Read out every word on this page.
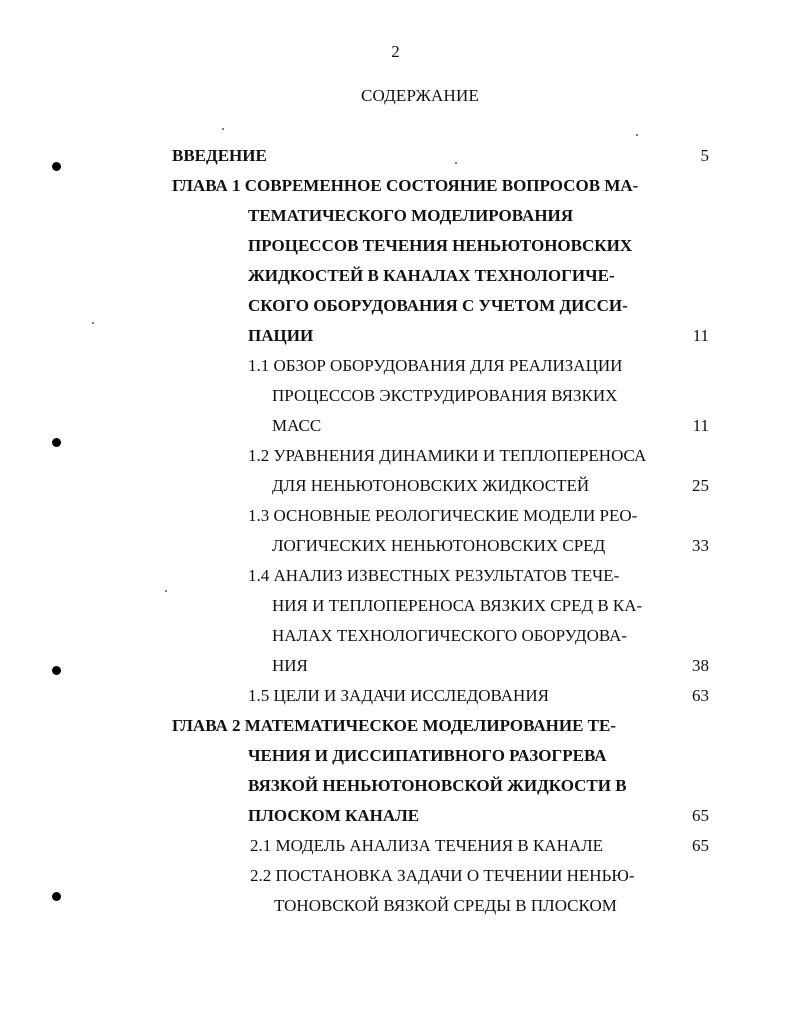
2
СОДЕРЖАНИЕ
ВВЕДЕНИЕ	5
ГЛАВА 1 СОВРЕМЕННОЕ СОСТОЯНИЕ ВОПРОСОВ МА-
ТЕМАТИЧЕСКОГО МОДЕЛИРОВАНИЯ
ПРОЦЕССОВ ТЕЧЕНИЯ НЕНЬЮТОНОВСКИХ
ЖИДКОСТЕЙ В КАНАЛАХ ТЕХНОЛОГИЧЕ-
СКОГО ОБОРУДОВАНИЯ С УЧЕТОМ ДИССИ-
ПАЦИИ	11
1.1 ОБЗОР ОБОРУДОВАНИЯ ДЛЯ РЕАЛИЗАЦИИ
ПРОЦЕССОВ ЭКСТРУДИРОВАНИЯ ВЯЗКИХ
МАСС	11
1.2 УРАВНЕНИЯ ДИНАМИКИ И ТЕПЛОПЕРЕНОСА
ДЛЯ НЕНЬЮТОНОВСКИХ ЖИДКОСТЕЙ	25
1.3 ОСНОВНЫЕ РЕОЛОГИЧЕСКИЕ МОДЕЛИ РЕО-
ЛОГИЧЕСКИХ НЕНЬЮТОНОВСКИХ СРЕД	33
1.4 АНАЛИЗ ИЗВЕСТНЫХ РЕЗУЛЬТАТОВ ТЕЧЕ-
НИЯ И ТЕПЛОПЕРЕНОСА ВЯЗКИХ СРЕД В КА-
НАЛАХ ТЕХНОЛОГИЧЕСКОГО ОБОРУДОВА-
НИЯ	38
1.5 ЦЕЛИ И ЗАДАЧИ ИССЛЕДОВАНИЯ	63
ГЛАВА 2 МАТЕМАТИЧЕСКОЕ МОДЕЛИРОВАНИЕ ТЕ-
ЧЕНИЯ И ДИССИПАТИВНОГО РАЗОГРЕВА
ВЯЗКОЙ НЕНЬЮТОНОВСКОЙ ЖИДКОСТИ В
ПЛОСКОМ КАНАЛЕ	65
2.1 МОДЕЛЬ АНАЛИЗА ТЕЧЕНИЯ В КАНАЛЕ	65
2.2 ПОСТАНОВКА ЗАДАЧИ О ТЕЧЕНИИ НЕНЬЮ-
ТОНОВСКОЙ ВЯЗКОЙ СРЕДЫ В ПЛОСКОМ
